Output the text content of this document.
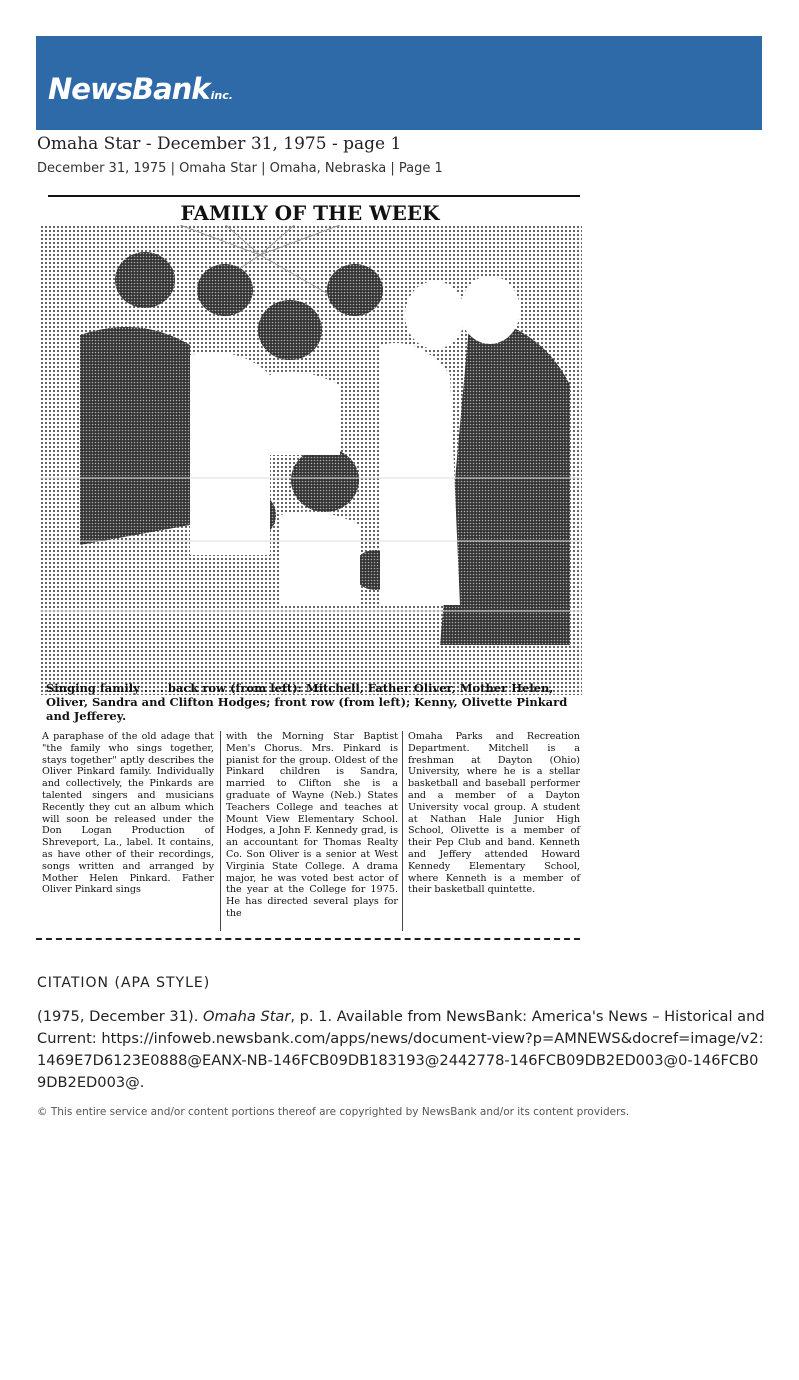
NewsBankinc.
Omaha Star - December 31, 1975 - page 1
December 31, 1975 | Omaha Star | Omaha, Nebraska | Page 1
FAMILY OF THE WEEK
Singing family . . . back row (from left): Mitchell, Father Oliver, Mother Helen, Oliver, Sandra and Clifton Hodges; front row (from left); Kenny, Olivette Pinkard and Jefferey.
A paraphase of the old adage that "the family who sings together, stays together" aptly describes the Oliver Pinkard family. Individually and collectively, the Pinkards are talented singers and musicians Recently they cut an album which will soon be released under the Don Logan Production of Shreveport, La., label. It contains, as have other of their recordings, songs written and arranged by Mother Helen Pinkard. Father Oliver Pinkard sings
with the Morning Star Baptist Men's Chorus. Mrs. Pinkard is pianist for the group. Oldest of the Pinkard children is Sandra, married to Clifton she is a graduate of Wayne (Neb.) States Teachers College and teaches at Mount View Elementary School. Hodges, a John F. Kennedy grad, is an accountant for Thomas Realty Co. Son Oliver is a senior at West Virginia State College. A drama major, he was voted best actor of the year at the College for 1975. He has directed several plays for the
Omaha Parks and Recreation Department. Mitchell is a freshman at Dayton (Ohio) University, where he is a stellar basketball and baseball performer and a member of a Dayton University vocal group. A student at Nathan Hale Junior High School, Olivette is a member of their Pep Club and band. Kenneth and Jeffery attended Howard Kennedy Elementary School, where Kenneth is a member of their basketball quintette.
CITATION (APA STYLE)
(1975, December 31). Omaha Star, p. 1. Available from NewsBank: America's News – Historical and Current: https://infoweb.newsbank.com/apps/news/document-view?p=AMNEWS&docref=image/v2:1469E7D6123E0888@EANX-NB-146FCB09DB183193@2442778-146FCB09DB2ED003@0-146FCB09DB2ED003@.
© This entire service and/or content portions thereof are copyrighted by NewsBank and/or its content providers.
